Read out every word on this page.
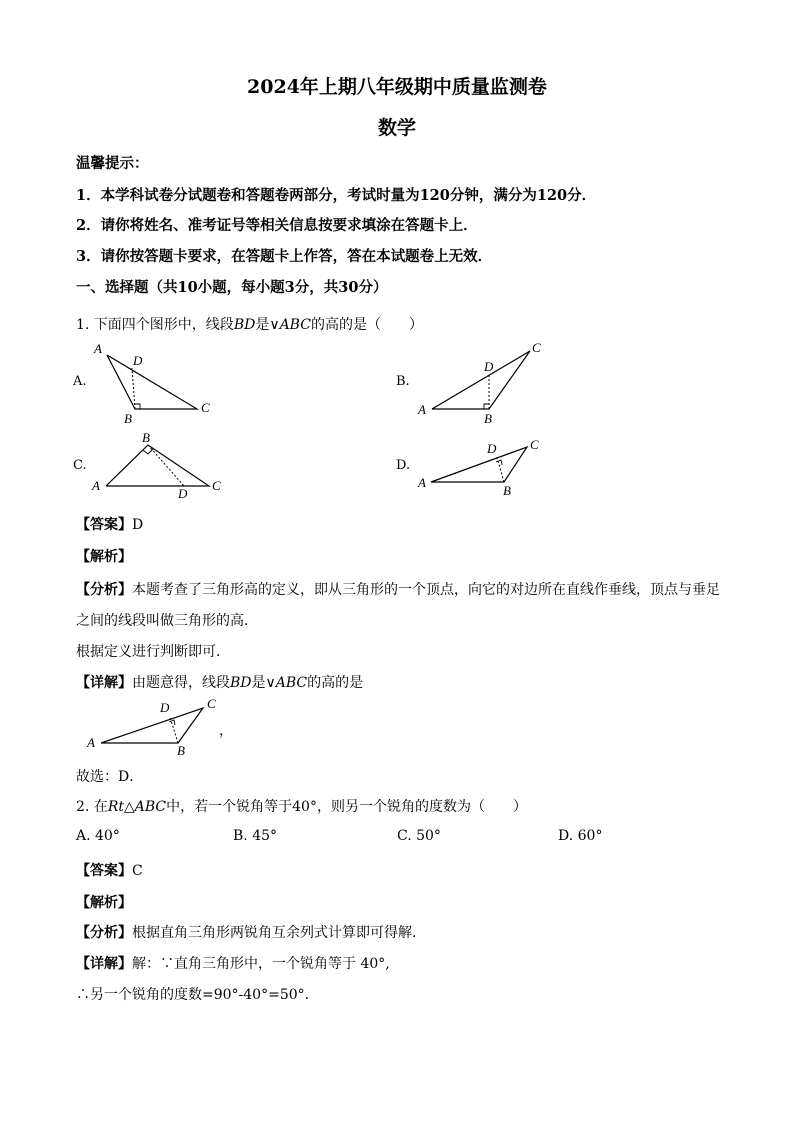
2024年上期八年级期中质量监测卷
数学
温馨提示：
1．本学科试卷分试题卷和答题卷两部分，考试时量为120分钟，满分为120分．
2．请你将姓名、准考证号等相关信息按要求填涂在答题卡上．
3．请你按答题卡要求，在答题卡上作答，答在本试题卷上无效．
一、选择题（共10小题，每小题3分，共30分）
1. 下面四个图形中，线段BD是∨ABC的高的是（　　）
A.
A
D
B
C	A
D
B
C
A
B
D
C	A
D
B
C
A
D
B
C
B.
C.	D.
【答案】D
【解析】
【分析】本题考查了三角形高的定义，即从三角形的一个顶点，向它的对边所在直线作垂线，顶点与垂足
之间的线段叫做三角形的高．
根据定义进行判断即可．
【详解】由题意得，线段BD是∨ABC的高的是
，
故选：D．
2. 在Rt△ABC中，若一个锐角等于40°，则另一个锐角的度数为（　　）
A. 40°	B. 45°	C. 50°	D. 60°
【答案】C
【解析】
【分析】根据直角三角形两锐角互余列式计算即可得解．
【详解】解：∵直角三角形中，一个锐角等于 40°,
∴另一个锐角的度数=90°-40°=50°.
